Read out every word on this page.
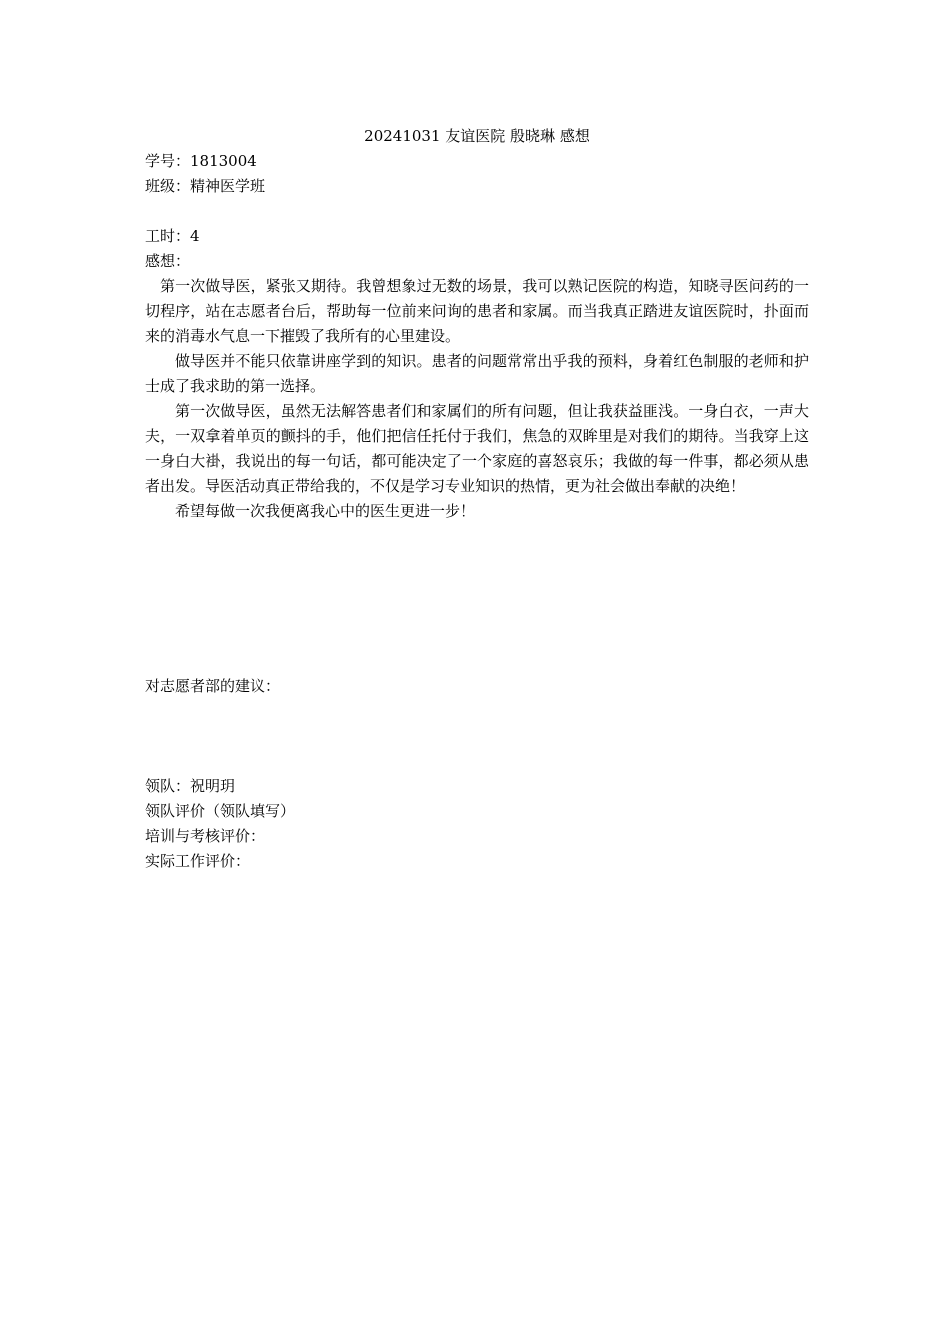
20241031 友谊医院 殷晓琳 感想

学号：1813004

班级：精神医学班

工时：4

感想：

第一次做导医，紧张又期待。我曾想象过无数的场景，我可以熟记医院的构造，知晓寻医问药的一切程序，站在志愿者台后，帮助每一位前来问询的患者和家属。而当我真正踏进友谊医院时，扑面而来的消毒水气息一下摧毁了我所有的心里建设。

做导医并不能只依靠讲座学到的知识。患者的问题常常出乎我的预料，身着红色制服的老师和护士成了我求助的第一选择。

第一次做导医，虽然无法解答患者们和家属们的所有问题，但让我获益匪浅。一身白衣，一声大夫，一双拿着单页的颤抖的手，他们把信任托付于我们，焦急的双眸里是对我们的期待。当我穿上这一身白大褂，我说出的每一句话，都可能决定了一个家庭的喜怒哀乐；我做的每一件事，都必须从患者出发。导医活动真正带给我的，不仅是学习专业知识的热情，更为社会做出奉献的决绝！

希望每做一次我便离我心中的医生更进一步！

对志愿者部的建议：

领队：祝明玥

领队评价（领队填写）

培训与考核评价：

实际工作评价：
